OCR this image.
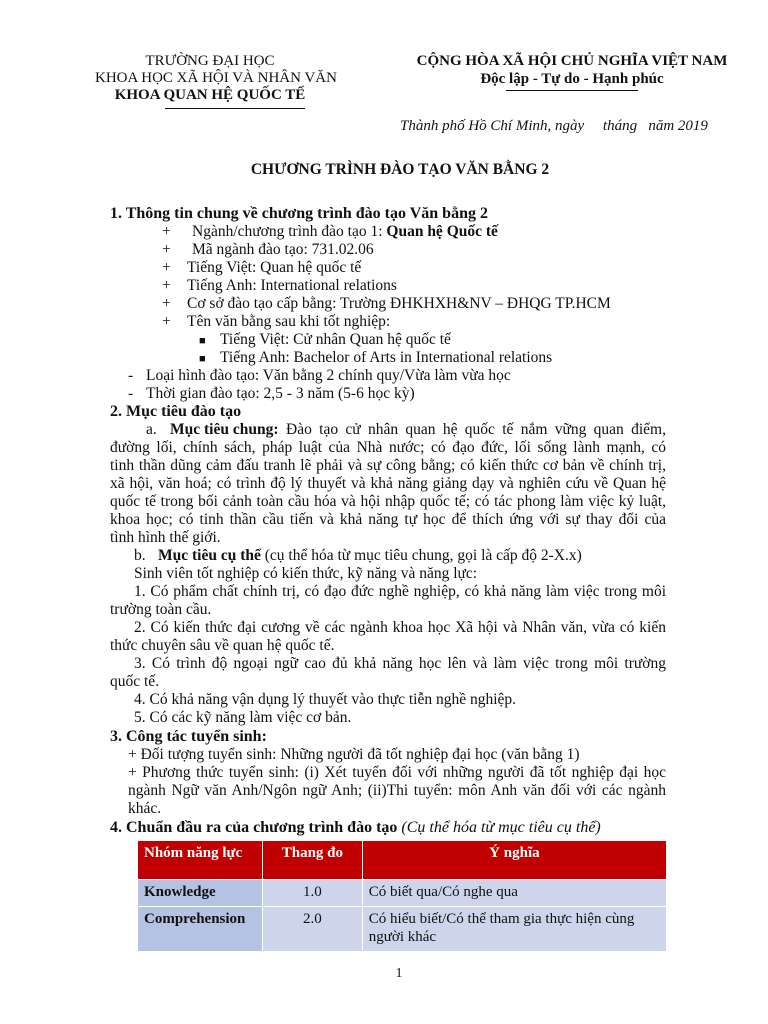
TRƯỜNG ĐẠI HỌC
KHOA HỌC XÃ HỘI VÀ NHÂN VĂN
KHOA QUAN HỆ QUỐC TẾ
CỘNG HÒA XÃ HỘI CHỦ NGHĨA VIỆT NAM
Độc lập - Tự do - Hạnh phúc
Thành phố Hồ Chí Minh, ngày     tháng   năm 2019
CHƯƠNG TRÌNH ĐÀO TẠO VĂN BẰNG 2
1. Thông tin chung về chương trình đào tạo Văn bằng 2
+ Ngành/chương trình đào tạo 1: Quan hệ Quốc tế
+ Mã ngành đào tạo: 731.02.06
+ Tiếng Việt: Quan hệ quốc tế
+ Tiếng Anh: International relations
+ Cơ sở đào tạo cấp bằng: Trường ĐHKHXH&NV – ĐHQG TP.HCM
+ Tên văn bằng sau khi tốt nghiệp:
■ Tiếng Việt: Cử nhân Quan hệ quốc tế
■ Tiếng Anh: Bachelor of Arts in International relations
- Loại hình đào tạo: Văn bằng 2 chính quy/Vừa làm vừa học
- Thời gian đào tạo: 2,5 - 3 năm (5-6 học kỳ)
2. Mục tiêu đào tạo
a. Mục tiêu chung: Đào tạo cử nhân quan hệ quốc tế nắm vững quan điểm,
đường lối, chính sách, pháp luật của Nhà nước; có đạo đức, lối sống lành mạnh, có
tinh thần dũng cảm đấu tranh lẽ phải và sự công bằng; có kiến thức cơ bản về chính trị,
xã hội, văn hoá; có trình độ lý thuyết và khả năng giảng dạy và nghiên cứu về Quan hệ
quốc tế trong bối cảnh toàn cầu hóa và hội nhập quốc tế; có tác phong làm việc kỷ luật,
khoa học; có tinh thần cầu tiến và khả năng tự học để thích ứng với sự thay đổi của
tình hình thế giới.
b. Mục tiêu cụ thể (cụ thể hóa từ mục tiêu chung, gọi là cấp độ 2-X.x)
Sinh viên tốt nghiệp có kiến thức, kỹ năng và năng lực:
1. Có phẩm chất chính trị, có đạo đức nghề nghiệp, có khả năng làm việc trong môi
trường toàn cầu.
2. Có kiến thức đại cương về các ngành khoa học Xã hội và Nhân văn, vừa có kiến
thức chuyên sâu về quan hệ quốc tế.
3. Có trình độ ngoại ngữ cao đủ khả năng học lên và làm việc trong môi trường
quốc tế.
4. Có khả năng vận dụng lý thuyết vào thực tiễn nghề nghiệp.
5. Có các kỹ năng làm việc cơ bản.
3. Công tác tuyển sinh:
+ Đối tượng tuyển sinh: Những người đã tốt nghiệp đại học (văn bằng 1)
+ Phương thức tuyển sinh: (i) Xét tuyển đối với những người đã tốt nghiệp đại học
ngành Ngữ văn Anh/Ngôn ngữ Anh; (ii)Thi tuyển: môn Anh văn đối với các ngành
khác.
4. Chuẩn đầu ra của chương trình đào tạo (Cụ thể hóa từ mục tiêu cụ thể)
Nhóm năng lực	Thang đo	Ý nghĩa
Knowledge	1.0	Có biết qua/Có nghe qua
Comprehension	2.0	Có hiểu biết/Có thể tham gia thực hiện cùng người khác
1
